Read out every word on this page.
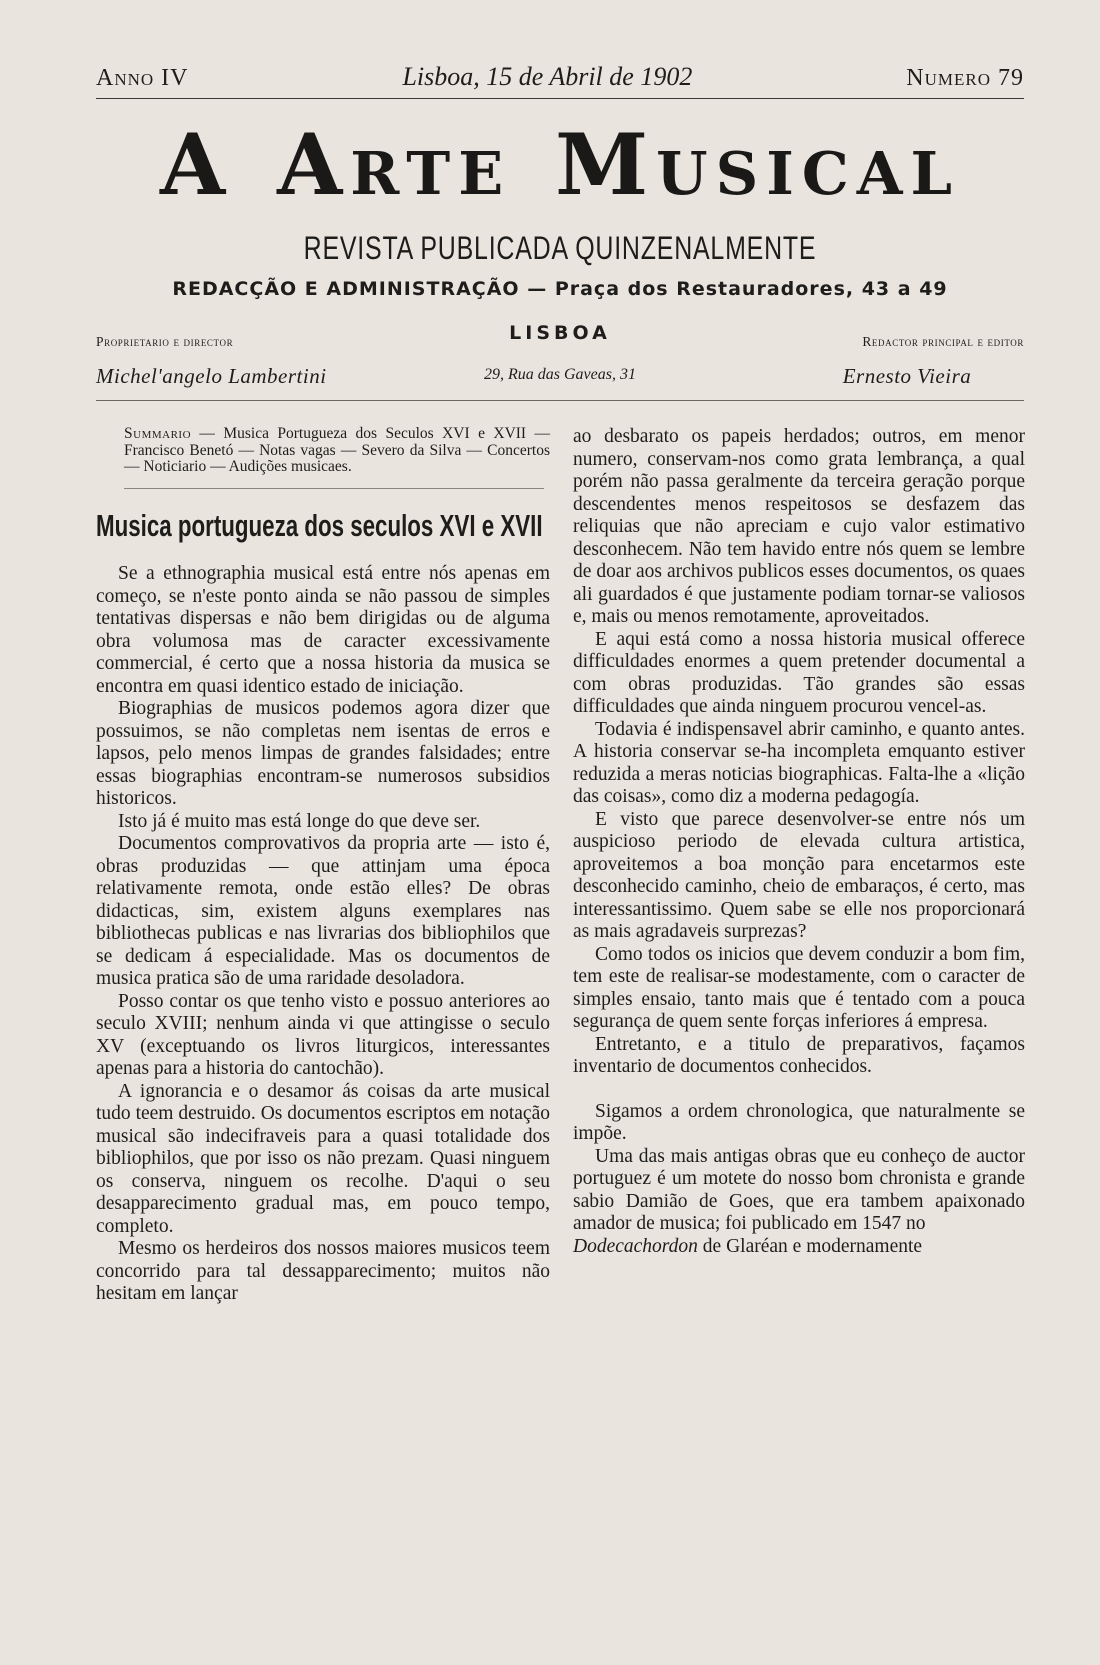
Anno IV	Lisboa, 15 de Abril de 1902	Numero 79
A Arte Musical
REVISTA PUBLICADA QUINZENALMENTE
REDACÇÃO E ADMINISTRAÇÃO — Praça dos Restauradores, 43 a 49
Proprietario e director
Michel'angelo Lambertini
LISBOA
29, Rua das Gaveas, 31
Redactor principal e editor
Ernesto Vieira
Summario — Musica Portugueza dos Seculos XVI e XVII — Francisco Benetó — Notas vagas — Severo da Silva — Concertos — Noticiario — Audições musicaes.
Musica portugueza dos seculos XVI e XVII

Se a ethnographia musical está entre nós apenas em começo, se n'este ponto ainda se não passou de simples tentativas dispersas e não bem dirigidas ou de alguma obra volumosa mas de caracter excessivamente commercial, é certo que a nossa historia da musica se encontra em quasi identico estado de iniciação.

Biographias de musicos podemos agora dizer que possuimos, se não completas nem isentas de erros e lapsos, pelo menos limpas de grandes falsidades; entre essas biographias encontram-se numerosos subsidios historicos.

Isto já é muito mas está longe do que deve ser.

Documentos comprovativos da propria arte — isto é, obras produzidas — que attinjam uma época relativamente remota, onde estão elles? De obras didacticas, sim, existem alguns exemplares nas bibliothecas publicas e nas livrarias dos bibliophilos que se dedicam á especialidade. Mas os documentos de musica pratica são de uma raridade desoladora.

Posso contar os que tenho visto e possuo anteriores ao seculo XVIII; nenhum ainda vi que attingisse o seculo XV (exceptuando os livros liturgicos, interessantes apenas para a historia do cantochão).

A ignorancia e o desamor ás coisas da arte musical tudo teem destruido. Os documentos escriptos em notação musical são indecifraveis para a quasi totalidade dos bibliophilos, que por isso os não prezam. Quasi ninguem os conserva, ninguem os recolhe. D'aqui o seu desapparecimento gradual mas, em pouco tempo, completo.

Mesmo os herdeiros dos nossos maiores musicos teem concorrido para tal dessapparecimento; muitos não hesitam em lançar

ao desbarato os papeis herdados; outros, em menor numero, conservam-nos como grata lembrança, a qual porém não passa geralmente da terceira geração porque descendentes menos respeitosos se desfazem das reliquias que não apreciam e cujo valor estimativo desconhecem. Não tem havido entre nós quem se lembre de doar aos archivos publicos esses documentos, os quaes ali guardados é que justamente podiam tornar-se valiosos e, mais ou menos remotamente, aproveitados.

E aqui está como a nossa historia musical offerece difficuldades enormes a quem pretender documental a com obras produzidas. Tão grandes são essas difficuldades que ainda ninguem procurou vencel-as.

Todavia é indispensavel abrir caminho, e quanto antes. A historia conservar se-ha incompleta emquanto estiver reduzida a meras noticias biographicas. Falta-lhe a «lição das coisas», como diz a moderna pedagogía.

E visto que parece desenvolver-se entre nós um auspicioso periodo de elevada cultura artistica, aproveitemos a boa monção para encetarmos este desconhecido caminho, cheio de embaraços, é certo, mas interessantissimo. Quem sabe se elle nos proporcionará as mais agradaveis surprezas?

Como todos os inicios que devem conduzir a bom fim, tem este de realisar-se modestamente, com o caracter de simples ensaio, tanto mais que é tentado com a pouca segurança de quem sente forças inferiores á empresa.

Entretanto, e a titulo de preparativos, façamos inventario de documentos conhecidos.

Sigamos a ordem chronologica, que naturalmente se impõe.

Uma das mais antigas obras que eu conheço de auctor portuguez é um motete do nosso bom chronista e grande sabio Damião de Goes, que era tambem apaixonado amador de musica; foi publicado em 1547 no

Dodecachordon de Glaréan e modernamente
